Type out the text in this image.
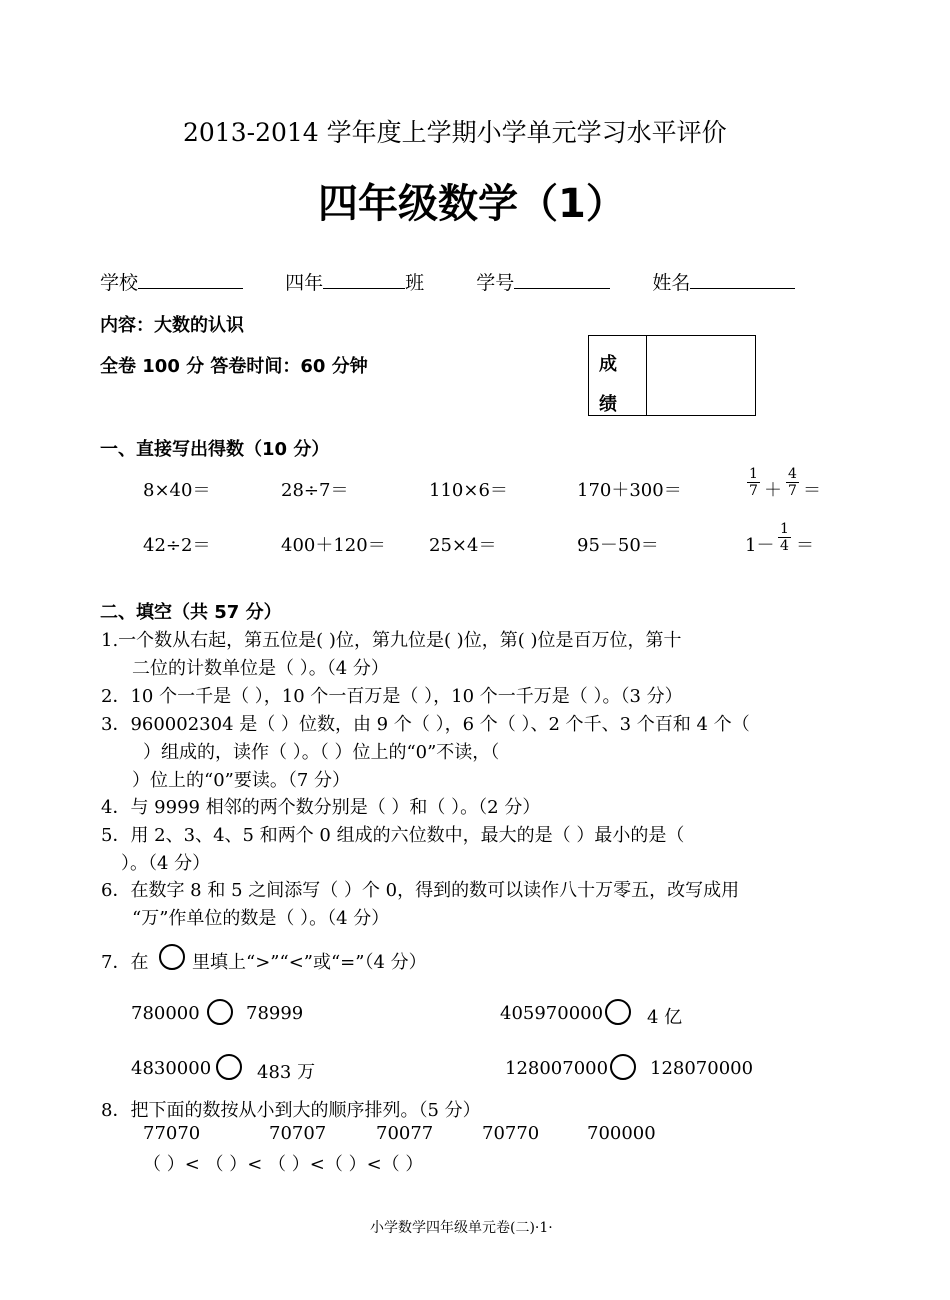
2013-2014 学年度上学期小学单元学习水平评价
四年级数学（1）
学校	四年	班	学号	姓名
内容：大数的认识
全卷 100 分 答卷时间：60 分钟	成
绩
一、直接写出得数（10 分）
8×40＝	28÷7＝	110×6＝	170＋300＝	$\frac{1}{7} + \frac{4}{7}$ ＝
42÷2＝	400＋120＝ 25×4＝	95－50＝	$1- \frac{1}{4}$ ＝
二、填空（共 57 分）
1.一个数从右起，第五位是( )位，第九位是( )位，第( )位是百万位，第十
二位的计数单位是（ ）。（4 分）
2．10 个一千是（ ），10 个一百万是（ ），10 个一千万是（ ）。（3 分）
3．960002304 是（ ）位数，由 9 个（ ），6 个（ ）、2 个千、3 个百和 4 个（
）组成的，读作（ ）。（ ）位上的“0”不读，（
）位上的“0”要读。（7 分）
4．与 9999 相邻的两个数分别是（ ）和（ ）。（2 分）
5．用 2、3、4、5 和两个 0 组成的六位数中，最大的是（ ）最小的是（
）。（4 分）
6．在数字 8 和 5 之间添写（ ）个 0，得到的数可以读作八十万零五，改写成用
“万”作单位的数是（ ）。（4 分）
7．在 里填上“>”“<”或“=”（4 分）
780000	78999	405970000 4 亿
4830000	483 万	128007000 128070000
8．把下面的数按从小到大的顺序排列。（5 分）
77070	70707	70077	70770	700000
（ ）< （ ）< （ ）<（ ）<（ ）
小学数学四年级单元卷(二)·1·
